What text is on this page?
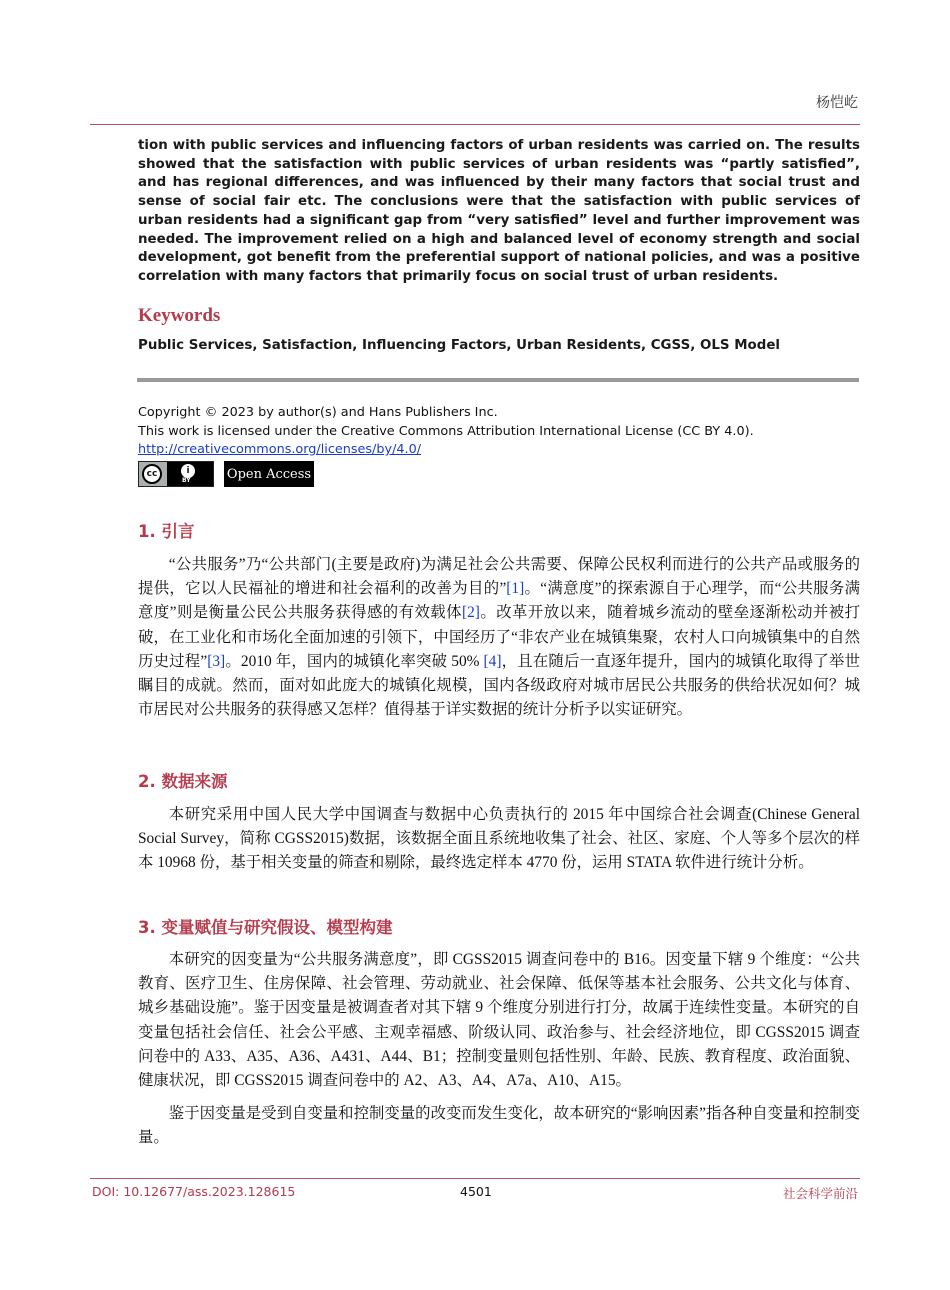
杨恺屹

tion with public services and influencing factors of urban residents was carried on. The results showed that the satisfaction with public services of urban residents was “partly satisfied”, and has regional differences, and was influenced by their many factors that social trust and sense of social fair etc. The conclusions were that the satisfaction with public services of urban residents had a significant gap from “very satisfied” level and further improvement was needed. The improvement relied on a high and balanced level of economy strength and social development, got benefit from the preferential support of national policies, and was a positive correlation with many factors that primarily focus on social trust of urban residents.

Keywords
Public Services, Satisfaction, Influencing Factors, Urban Residents, CGSS, OLS Model
Copyright © 2023 by author(s) and Hans Publishers Inc.
This work is licensed under the Creative Commons Attribution International License (CC BY 4.0).
http://creativecommons.org/licenses/by/4.0/
cc	i
BY	Open Access
1. 引言

“公共服务”乃“公共部门(主要是政府)为满足社会公共需要、保障公民权利而进行的公共产品或服务的提供，它以人民福祉的增进和社会福利的改善为目的”[1]。“满意度”的探索源自于心理学，而“公共服务满意度”则是衡量公民公共服务获得感的有效载体[2]。改革开放以来，随着城乡流动的壁垒逐渐松动并被打破，在工业化和市场化全面加速的引领下，中国经历了“非农产业在城镇集聚，农村人口向城镇集中的自然历史过程”[3]。2010 年，国内的城镇化率突破 50% [4]，且在随后一直逐年提升，国内的城镇化取得了举世瞩目的成就。然而，面对如此庞大的城镇化规模，国内各级政府对城市居民公共服务的供给状况如何？城市居民对公共服务的获得感又怎样？值得基于详实数据的统计分析予以实证研究。

2. 数据来源

本研究采用中国人民大学中国调查与数据中心负责执行的 2015 年中国综合社会调查(Chinese General Social Survey，简称 CGSS2015)数据，该数据全面且系统地收集了社会、社区、家庭、个人等多个层次的样本 10968 份，基于相关变量的筛查和剔除，最终选定样本 4770 份，运用 STATA 软件进行统计分析。

3. 变量赋值与研究假设、模型构建

本研究的因变量为“公共服务满意度”，即 CGSS2015 调查问卷中的 B16。因变量下辖 9 个维度：“公共教育、医疗卫生、住房保障、社会管理、劳动就业、社会保障、低保等基本社会服务、公共文化与体育、城乡基础设施”。鉴于因变量是被调查者对其下辖 9 个维度分别进行打分，故属于连续性变量。本研究的自变量包括社会信任、社会公平感、主观幸福感、阶级认同、政治参与、社会经济地位，即 CGSS2015 调查问卷中的 A33、A35、A36、A431、A44、B1；控制变量则包括性别、年龄、民族、教育程度、政治面貌、健康状况，即 CGSS2015 调查问卷中的 A2、A3、A4、A7a、A10、A15。

鉴于因变量是受到自变量和控制变量的改变而发生变化，故本研究的“影响因素”指各种自变量和控制变量。

DOI: 10.12677/ass.2023.128615	4501	社会科学前沿
